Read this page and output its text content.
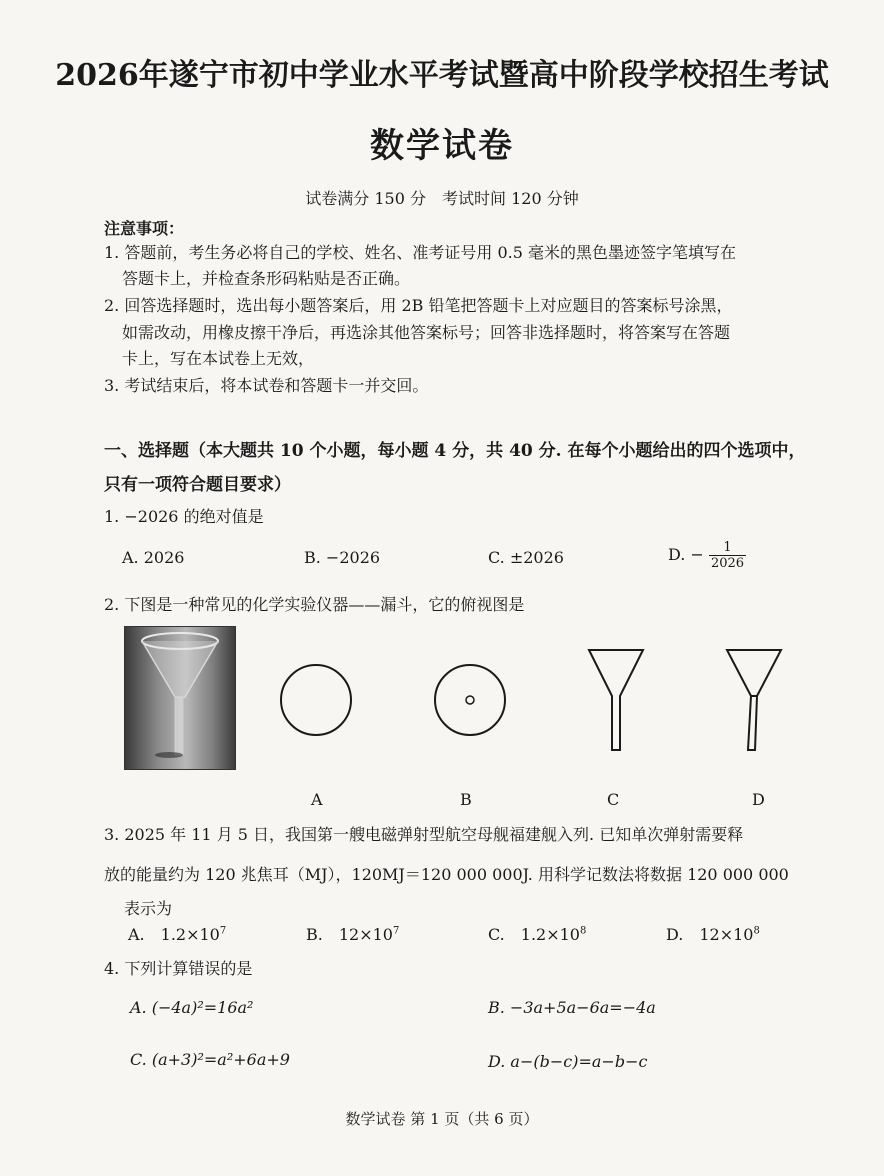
2026年遂宁市初中学业水平考试暨高中阶段学校招生考试
数学试卷
试卷满分 150 分　考试时间 120 分钟
注意事项：
1. 答题前，考生务必将自己的学校、姓名、准考证号用 0.5 毫米的黑色墨迹签字笔填写在
答题卡上，并检查条形码粘贴是否正确。
2. 回答选择题时，选出每小题答案后，用 2B 铅笔把答题卡上对应题目的答案标号涂黑，
如需改动，用橡皮擦干净后，再选涂其他答案标号；回答非选择题时，将答案写在答题
卡上，写在本试卷上无效，
3. 考试结束后，将本试卷和答题卡一并交回。
一、选择题（本大题共 10 个小题，每小题 4 分，共 40 分. 在每个小题给出的四个选项中，
只有一项符合题目要求）
1. −2026 的绝对值是
A. 2026	B. −2026	C. ±2026	D. − $\frac{1}{2026}$
2. 下图是一种常见的化学实验仪器——漏斗，它的俯视图是
A	B	C	D
3. 2025 年 11 月 5 日，我国第一艘电磁弹射型航空母舰福建舰入列. 已知单次弹射需要释
放的能量约为 120 兆焦耳（MJ），120MJ＝120 000 000J. 用科学记数法将数据 120 000 000
表示为
A.　$1.2\times 10^7$	B.　$12\times 10^7$	C.　$1.2\times 10^8$	D.　$12\times 10^8$
4. 下列计算错误的是
A. (−4a)²=16a²	B. −3a+5a−6a=−4a
C. (a+3)²=a²+6a+9	D. a−(b−c)=a−b−c
数学试卷 第 1 页（共 6 页）
